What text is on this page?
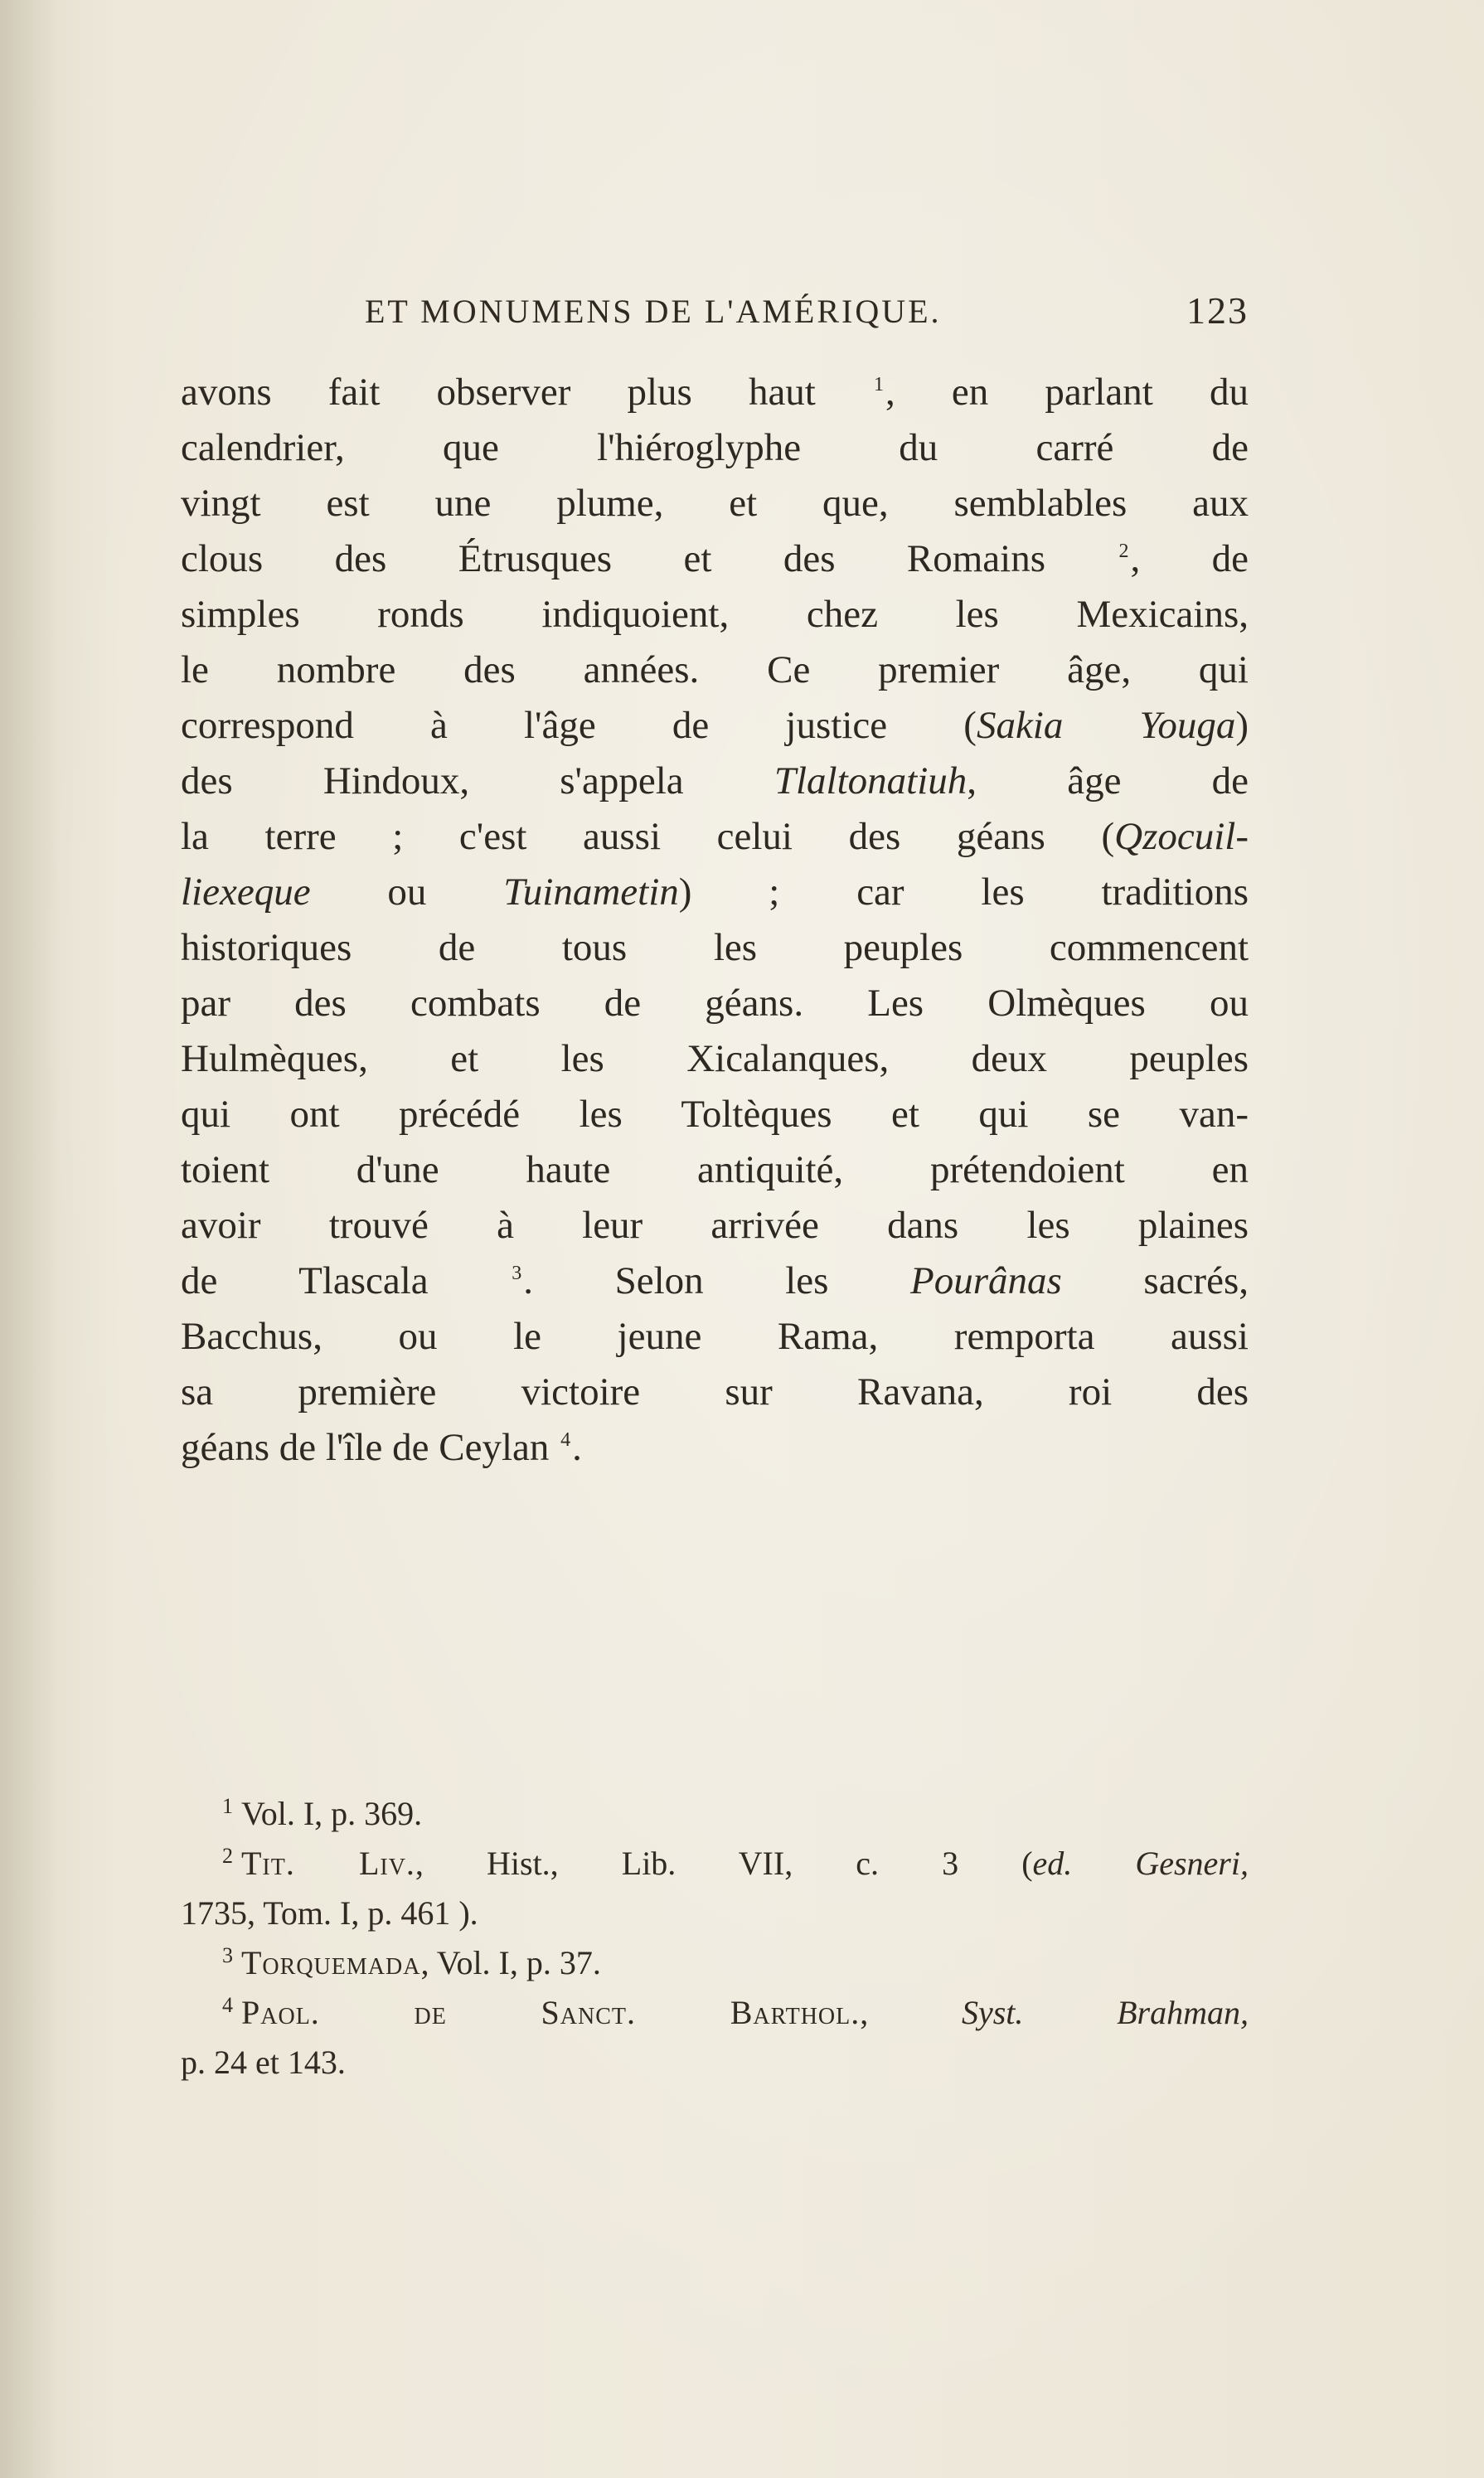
ET MONUMENS DE L'AMÉRIQUE.	123
avons fait observer plus haut $^1$, en parlant du
calendrier, que l'hiéroglyphe du carré de
vingt est une plume, et que, semblables aux
clous des Étrusques et des Romains $^2$, de
simples ronds indiquoient, chez les Mexicains,
le nombre des années. Ce premier âge, qui
correspond à l'âge de justice (Sakia Youga)
des Hindoux, s'appela Tlaltonatiuh, âge de
la terre ; c'est aussi celui des géans (Qzocuil-
liexeque ou Tuinametin) ; car les traditions
historiques de tous les peuples commencent
par des combats de géans. Les Olmèques ou
Hulmèques, et les Xicalanques, deux peuples
qui ont précédé les Toltèques et qui se van-
toient d'une haute antiquité, prétendoient en
avoir trouvé à leur arrivée dans les plaines
de Tlascala $^3$. Selon les Pourânas sacrés,
Bacchus, ou le jeune Rama, remporta aussi
sa première victoire sur Ravana, roi des
géans de l'île de Ceylan $^4$.
$^1$ Vol. I, p. 369.
$^2$ Tit. Liv., Hist., Lib. VII, c. 3 (ed. Gesneri,
1735, Tom. I, p. 461 ).
$^3$ Torquemada, Vol. I, p. 37.
$^4$ Paol. de Sanct. Barthol., Syst. Brahman,
p. 24 et 143.
